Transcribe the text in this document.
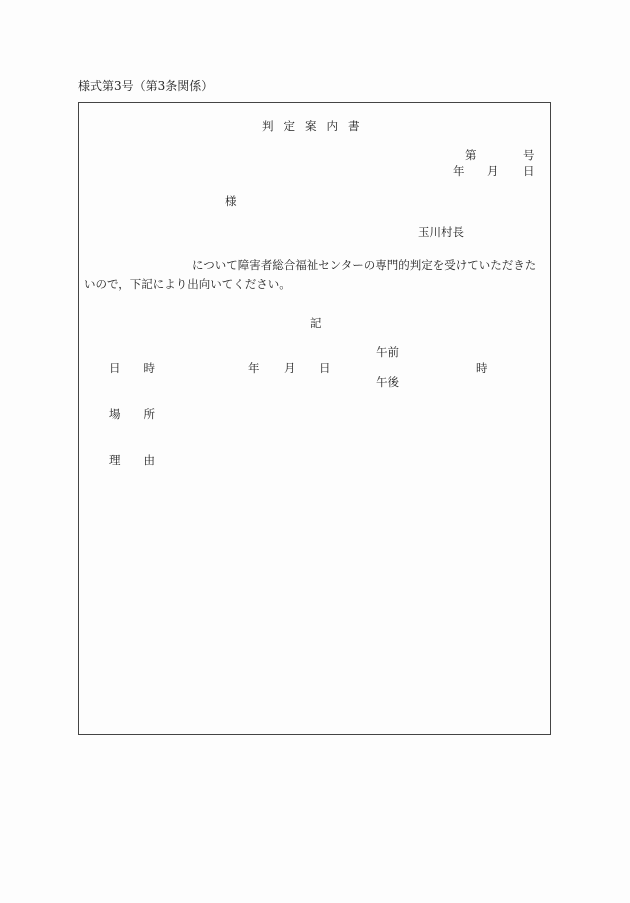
様式第3号（第3条関係）
判定案内書
第	号
年 月 日
様
玉川村長
について障害者総合福祉センターの専門的判定を受けていただきたいので，下記により出向いてください。
記
日　　時	年 月 日
午前
午後
時
場　　所
理　　由
